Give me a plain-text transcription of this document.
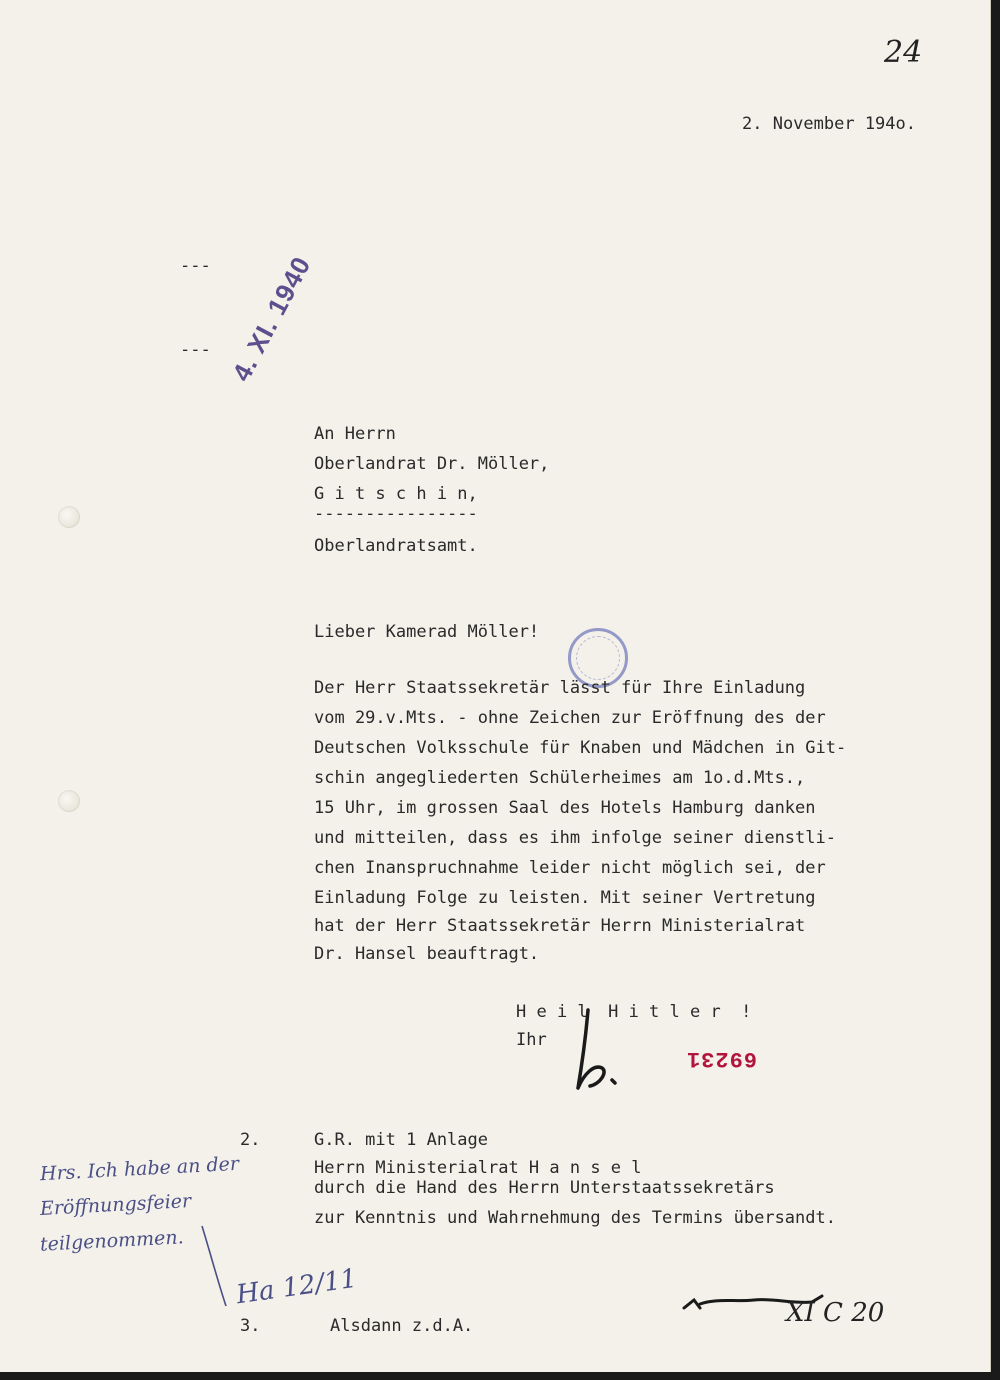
24
2. November 194o.
---
--- 4. XI. 1940
An Herrn
Oberlandrat Dr. Möller,
G i t s c h i n,
----------------
Oberlandratsamt.
Lieber Kamerad Möller!
Der Herr Staatssekretär lässt für Ihre Einladung
vom 29.v.Mts. - ohne Zeichen zur Eröffnung des der
Deutschen Volksschule für Knaben und Mädchen in Git-
schin angegliederten Schülerheimes am 1o.d.Mts.,
15 Uhr, im grossen Saal des Hotels Hamburg danken
und mitteilen, dass es ihm infolge seiner dienstli-
chen Inanspruchnahme leider nicht möglich sei, der
Einladung Folge zu leisten. Mit seiner Vertretung
hat der Herr Staatssekretär Herrn Ministerialrat
Dr. Hansel beauftragt.
H e i l  H i t l e r  !
Ihr
69231
2.	G.R. mit 1 Anlage
Herrn Ministerialrat H a n s e l
durch die Hand des Herrn Unterstaatssekretärs
zur Kenntnis und Wahrnehmung des Termins übersandt.
Hrs. Ich habe an der
Eröffnungsfeier
teilgenommen.
Ha 12/11
3.	Alsdann z.d.A.	XI C 20
